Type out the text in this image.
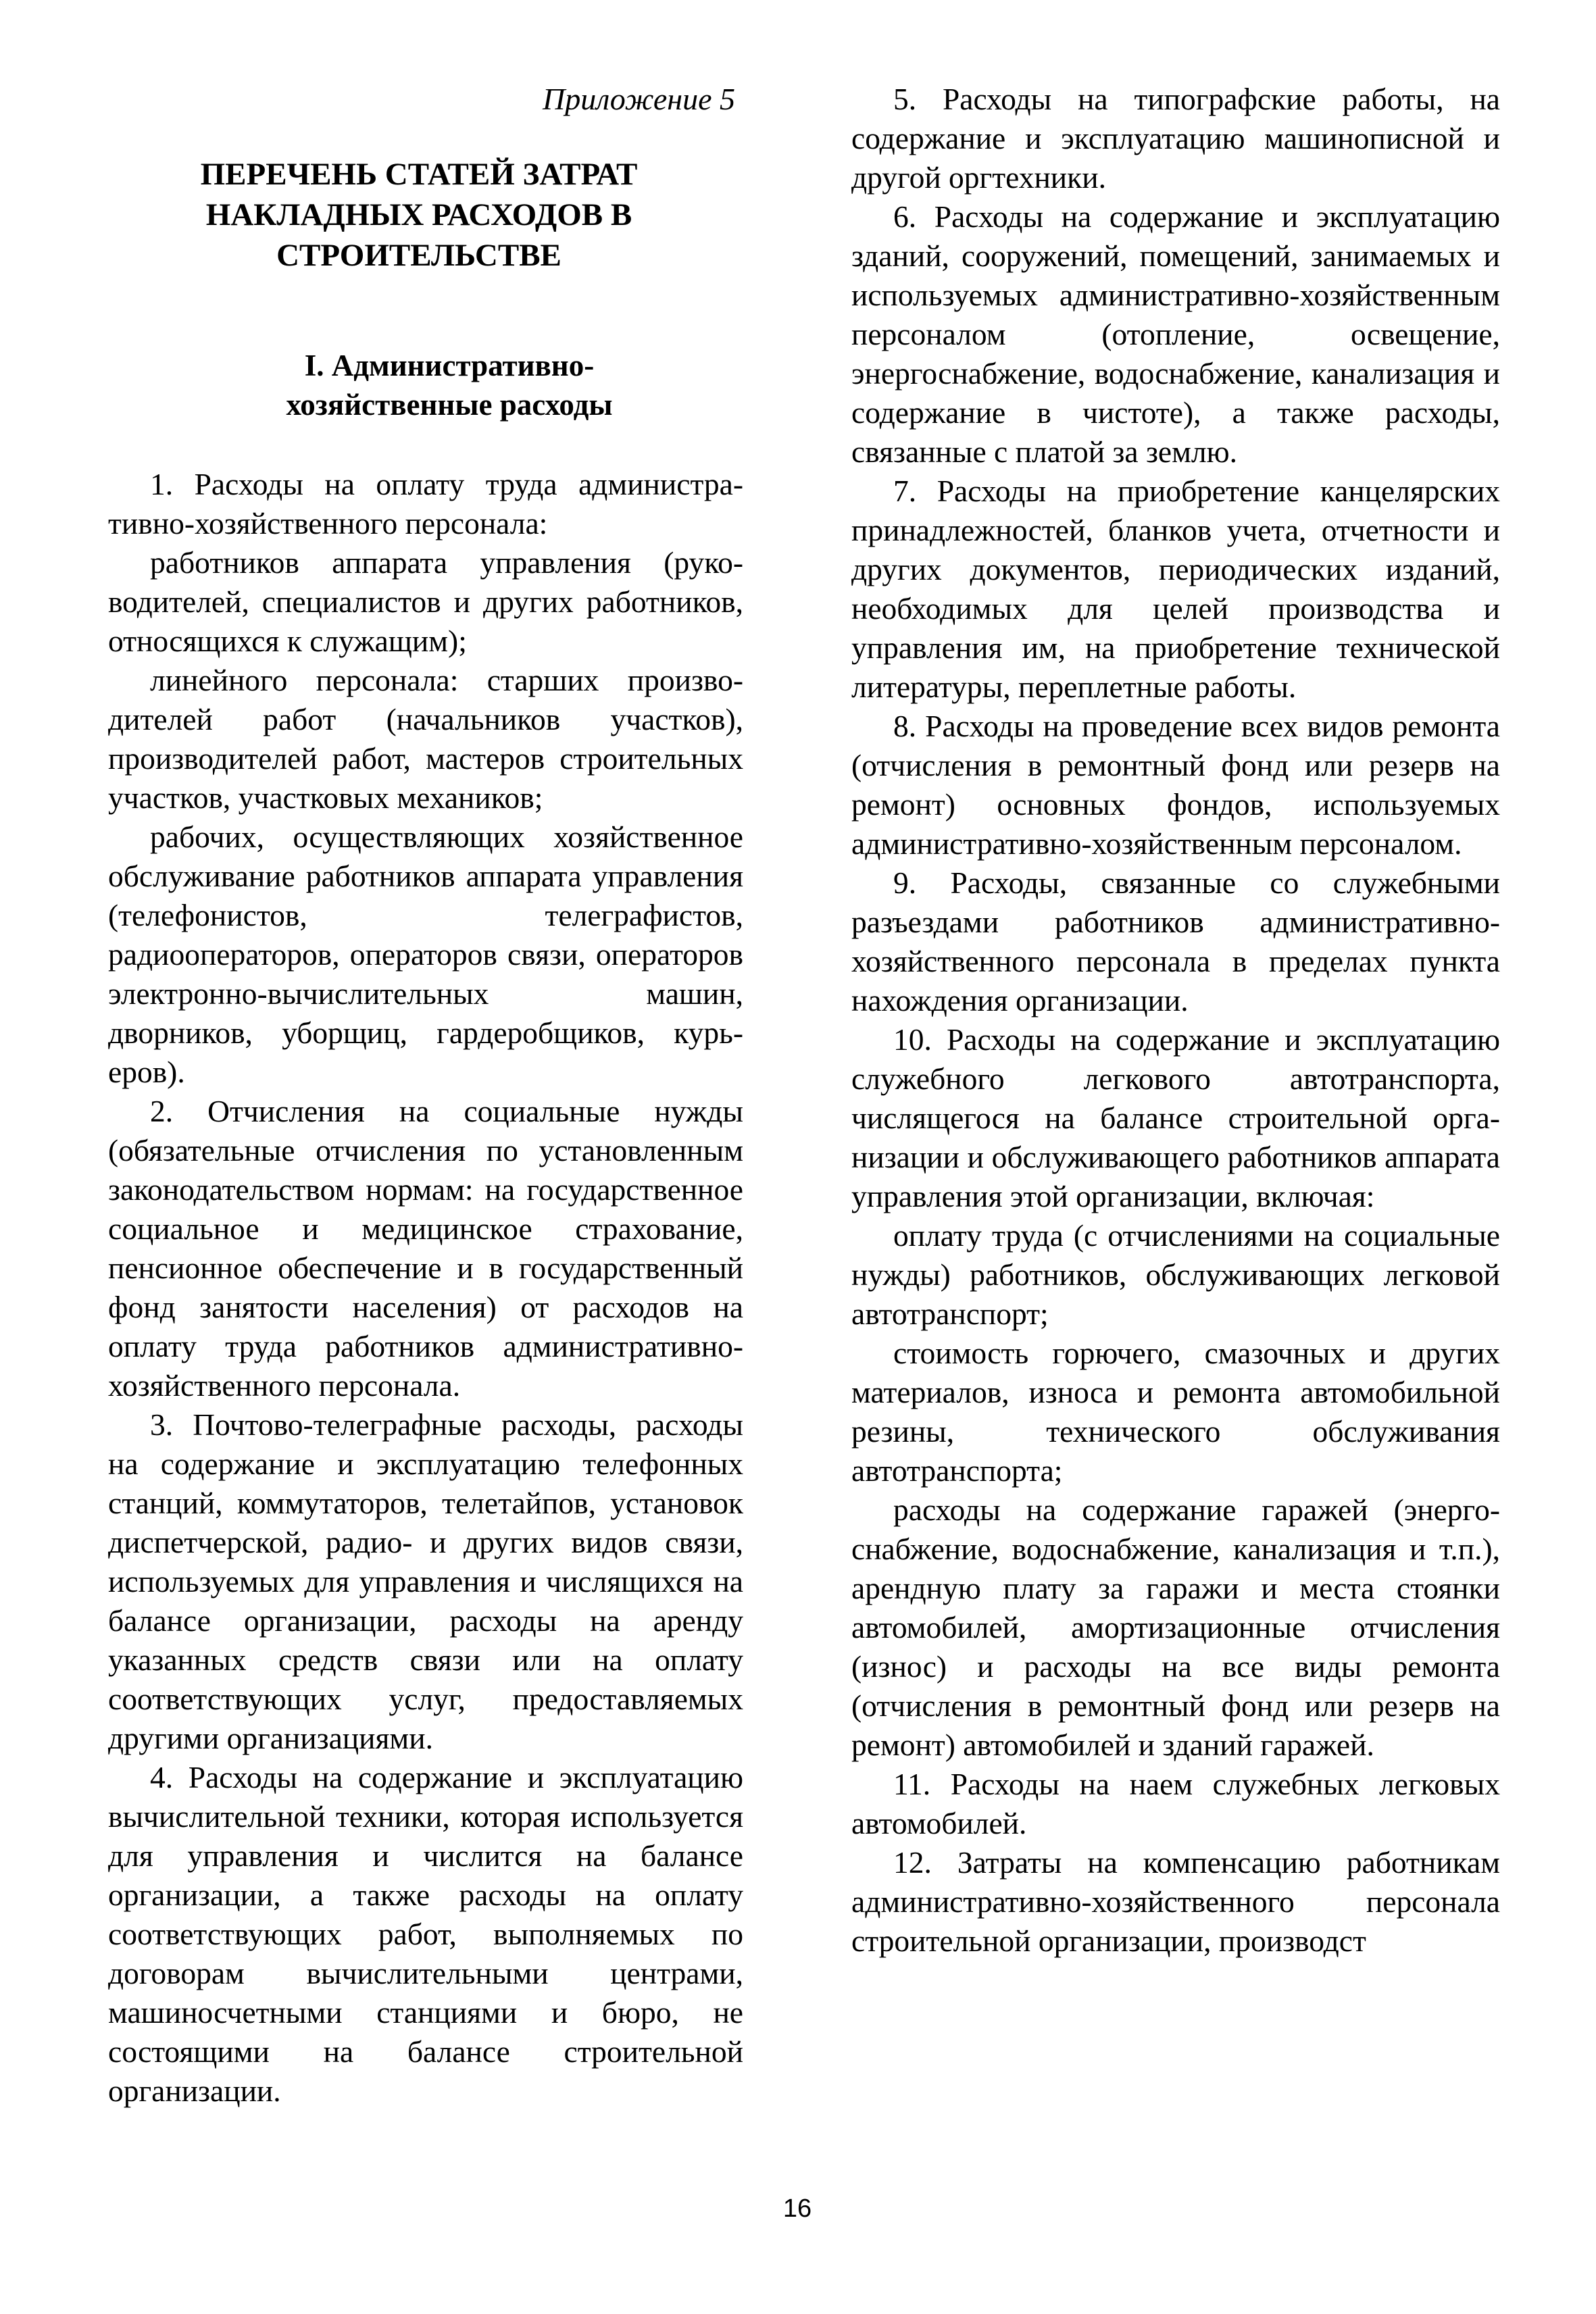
Приложение 5
ПЕРЕЧЕНЬ СТАТЕЙ ЗАТРАТ
НАКЛАДНЫХ РАСХОДОВ В
СТРОИТЕЛЬСТВЕ
I. Административно-
хозяйственные расходы

1. Расходы на оплату труда административно-хозяйственного персонала:

работников аппарата управления (руководителей, специалистов и других работников, относящихся к служащим);

линейного персонала: старших производителей работ (начальников участков), производителей работ, мастеров строительных участков, участковых механиков;

рабочих, осуществляющих хозяйственное обслуживание работников аппарата управления (телефонистов, телеграфистов, радиооператоров, операторов связи, операторов электронно-вычислительных машин, дворников, уборщиц, гардеробщиков, курьеров).

2. Отчисления на социальные нужды (обязательные отчисления по установленным законодательством нормам: на государственное социальное и медицинское страхование, пенсионное обеспечение и в государственный фонд занятости населения) от расходов на оплату труда работников административно-хозяйственного персонала.

3. Почтово-телеграфные расходы, расходы на содержание и эксплуатацию телефонных станций, коммутаторов, телетайпов, установок диспетчерской, радио- и других видов связи, используемых для управления и числящихся на балансе организации, расходы на аренду указанных средств связи или на оплату соответствующих услуг, предоставляемых другими организациями.

4. Расходы на содержание и эксплуатацию вычислительной техники, которая используется для управления и числится на балансе организации, а также расходы на оплату соответствующих работ, выполняемых по договорам вычислительными центрами, машиносчетными станциями и бюро, не состоящими на балансе строительной организации.

5. Расходы на типографские работы, на содержание и эксплуатацию машинописной и другой оргтехники.

6. Расходы на содержание и эксплуатацию зданий, сооружений, помещений, занимаемых и используемых административно-хозяйственным персоналом (отопление, освещение, энергоснабжение, водоснабжение, канализация и содержание в чистоте), а также расходы, связанные с платой за землю.

7. Расходы на приобретение канцелярских принадлежностей, бланков учета, отчетности и других документов, периодических изданий, необходимых для целей производства и управления им, на приобретение технической литературы, переплетные работы.

8. Расходы на проведение всех видов ремонта (отчисления в ремонтный фонд или резерв на ремонт) основных фондов, используемых административно-хозяйственным персоналом.

9. Расходы, связанные со служебными разъездами работников административно-хозяйственного персонала в пределах пункта нахождения организации.

10. Расходы на содержание и эксплуатацию служебного легкового автотранспорта, числящегося на балансе строительной организации и обслуживающего работников аппарата управления этой организации, включая:

оплату труда (с отчислениями на социальные нужды) работников, обслуживающих легковой автотранспорт;

стоимость горючего, смазочных и других материалов, износа и ремонта автомобильной резины, технического обслуживания автотранспорта;

расходы на содержание гаражей (энергоснабжение, водоснабжение, канализация и т.п.), арендную плату за гаражи и места стоянки автомобилей, амортизационные отчисления (износ) и расходы на все виды ремонта (отчисления в ремонтный фонд или резерв на ремонт) автомобилей и зданий гаражей.

11. Расходы на наем служебных легковых автомобилей.

12. Затраты на компенсацию работникам административно-хозяйственного персонала строительной организации, производст

16
